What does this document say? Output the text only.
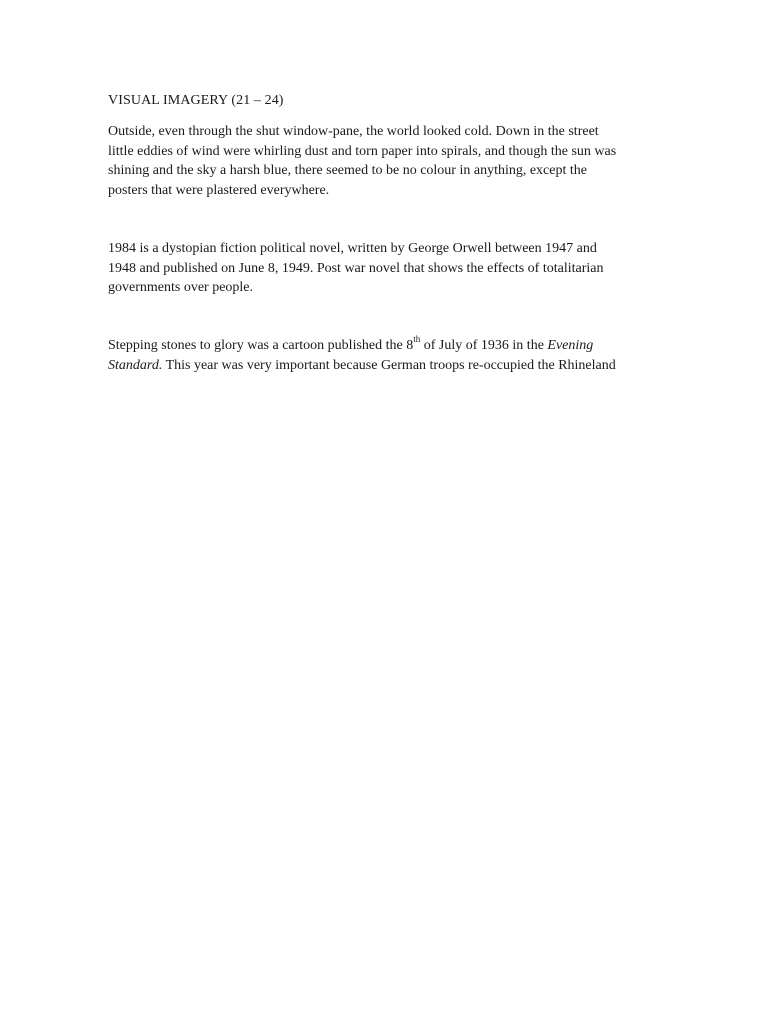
VISUAL IMAGERY (21 – 24)

Outside, even through the shut window-pane, the world looked cold. Down in the street
little eddies of wind were whirling dust and torn paper into spirals, and though the sun was
shining and the sky a harsh blue, there seemed to be no colour in anything, except the
posters that were plastered everywhere.

1984 is a dystopian fiction political novel, written by George Orwell between 1947 and
1948 and published on June 8, 1949. Post war novel that shows the effects of totalitarian
governments over people.

Stepping stones to glory was a cartoon published the 8th of July of 1936 in the Evening
Standard. This year was very important because German troops re-occupied the Rhineland
